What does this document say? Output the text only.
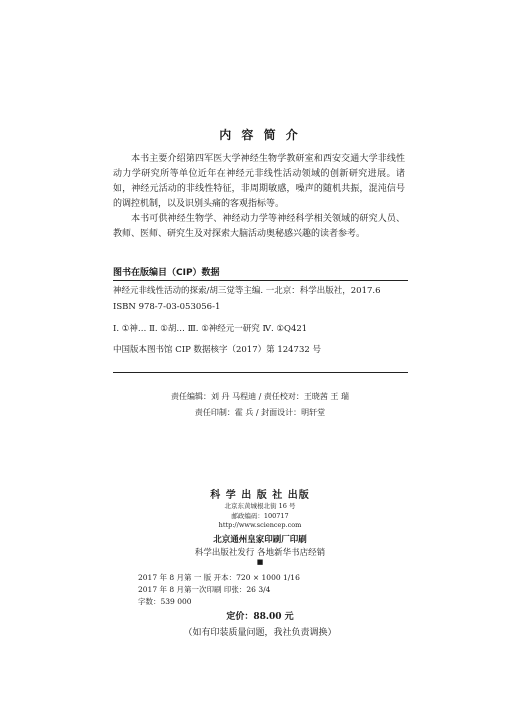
内 容 简 介

本书主要介绍第四军医大学神经生物学教研室和西安交通大学非线性动力学研究所等单位近年在神经元非线性活动领域的创新研究进展。诸如，神经元活动的非线性特征，非周期敏感，噪声的随机共振，混沌信号的调控机制，以及识别头痛的客观指标等。

本书可供神经生物学、神经动力学等神经科学相关领域的研究人员、教师、医师、研究生及对探索大脑活动奥秘感兴趣的读者参考。

图书在版编目（CIP）数据
神经元非线性活动的探索/胡三觉等主编. 一北京：科学出版社，2017.6
ISBN 978-7-03-053056-1
Ⅰ. ①神… Ⅱ. ①胡… Ⅲ. ①神经元一研究 Ⅳ. ①Q421
中国版本图书馆 CIP 数据核字（2017）第 124732 号
责任编辑：刘 丹 马程迪 / 责任校对：王晓茜 王 瑞
责任印制：霍 兵 / 封面设计：明轩堂
科 学 出 版 社 出版
北京东黄城根北街 16 号
邮政编码：100717
http://www.sciencep.com
北京通州皇家印刷厂印刷
科学出版社发行 各地新华书店经销
■
2017 年 8 月第 一 版 开本：720 × 1000 1/16
2017 年 8 月第一次印刷 印张：26 3/4
字数：539 000
定价：88.00 元
（如有印装质量问题，我社负责调换）
